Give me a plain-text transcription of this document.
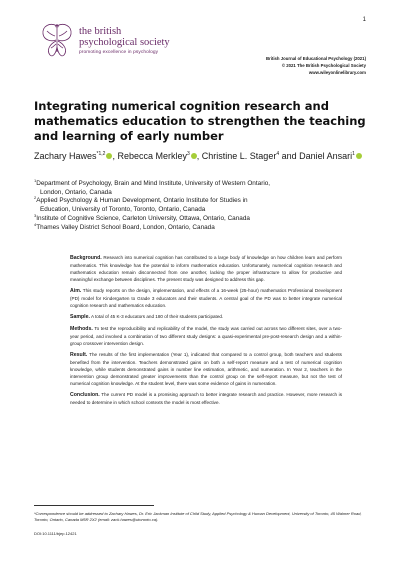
1
the british
psychological society
promoting excellence in psychology
British Journal of Educational Psychology (2021)
© 2021 The British Psychological Society
www.wileyonlinelibrary.com
Integrating numerical cognition research and mathematics education to strengthen the teaching and learning of early number
Zachary Hawes$^{*1,2}$ , Rebecca Merkley$^3$ , Christine L. Stager$^4$ and Daniel Ansari$^1$
$^1$Department of Psychology, Brain and Mind Institute, University of Western Ontario,
London, Ontario, Canada
$^2$Applied Psychology & Human Development, Ontario Institute for Studies in
Education, University of Toronto, Toronto, Ontario, Canada
$^3$Institute of Cognitive Science, Carleton University, Ottawa, Ontario, Canada
$^4$Thames Valley District School Board, London, Ontario, Canada

Background. Research into numerical cognition has contributed to a large body of knowledge on how children learn and perform mathematics. This knowledge has the potential to inform mathematics education. Unfortunately, numerical cognition research and mathematics education remain disconnected from one another, lacking the proper infrastructure to allow for productive and meaningful exchange between disciplines. The present study was designed to address this gap.

Aim. This study reports on the design, implementation, and effects of a 16-week (25-hour) mathematics Professional Development (PD) model for Kindergarten to Grade 3 educators and their students. A central goal of the PD was to better integrate numerical cognition research and mathematics education.

Sample. A total of 45 K-3 educators and 180 of their students participated.

Methods. To test the reproducibility and replicability of the model, the study was carried out across two different sites, over a two-year period, and involved a combination of two different study designs: a quasi-experimental pre-post-research design and a within-group crossover intervention design.

Result. The results of the first implementation (Year 1), indicated that compared to a control group, both teachers and students benefited from the intervention. Teachers demonstrated gains on both a self-report measure and a test of numerical cognition knowledge, while students demonstrated gains in number line estimation, arithmetic, and numeration. In Year 2, teachers in the intervention group demonstrated greater improvements than the control group on the self-report measure, but not the test of numerical cognition knowledge. At the student level, there was some evidence of gains in numeration.

Conclusion. The current PD model is a promising approach to better integrate research and practice. However, more research is needed to determine in which school contexts the model is most effective.

*Correspondence should be addressed to Zachary Hawes, Dr. Eric Jackman Institute of Child Study, Applied Psychology & Human Development, University of Toronto, 45 Walmer Road, Toronto, Ontario, Canada M5R 2X2 (email: zack.hawes@utoronto.ca).
DOI:10.1111/bjep.12421
